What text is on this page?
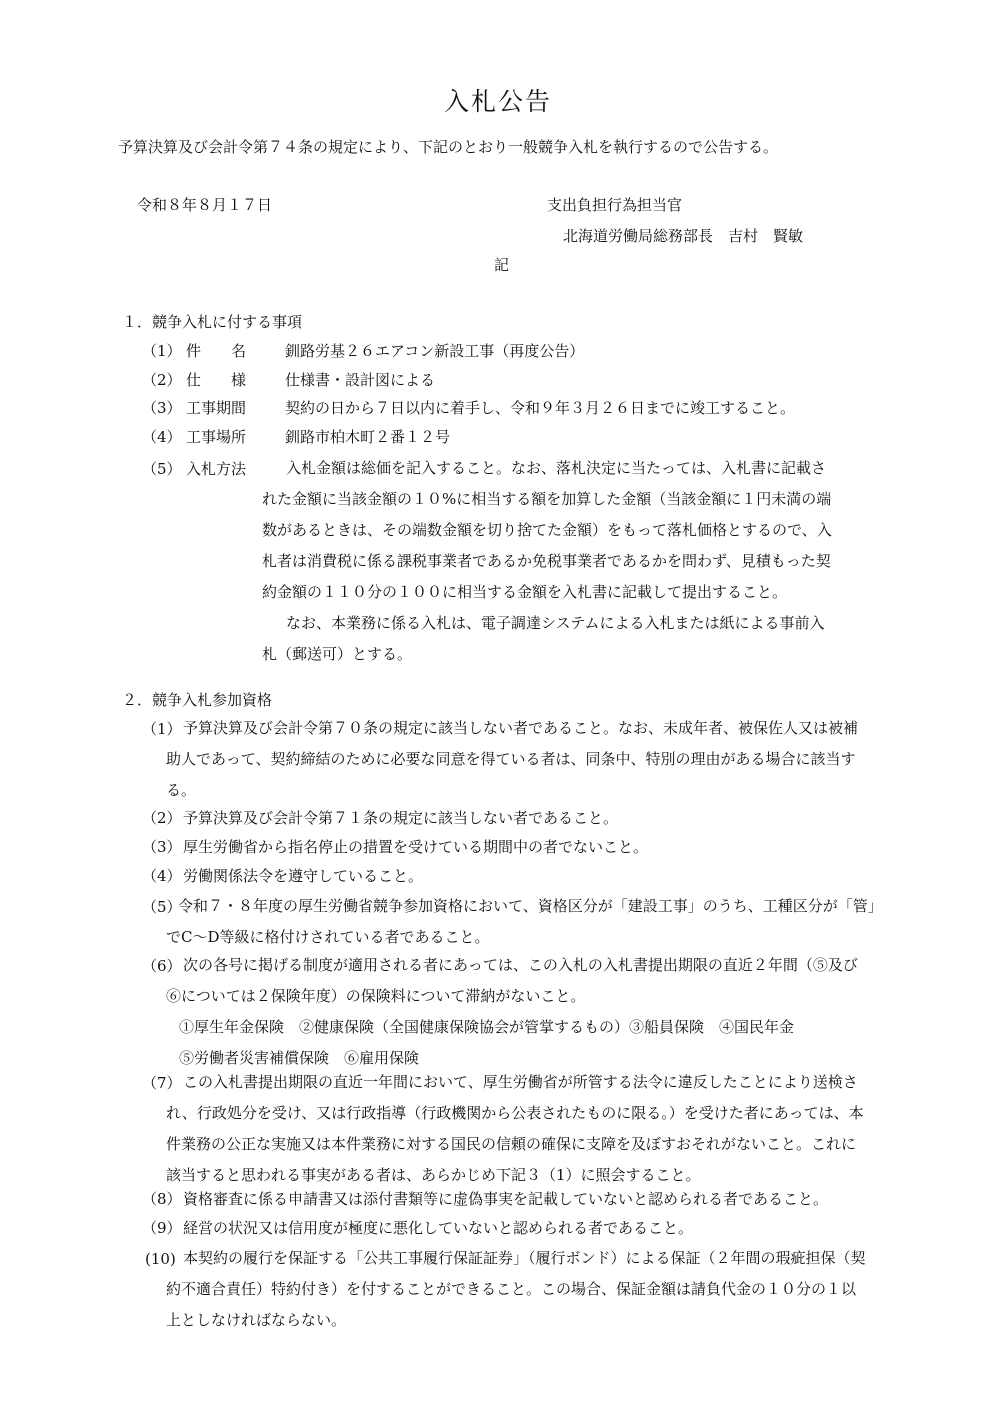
入札公告
予算決算及び会計令第７４条の規定により、下記のとおり一般競争入札を執行するので公告する。
令和８年８月１７日	支出負担行為担当官
北海道労働局総務部長　吉村　賢敏
記
１．競争入札に付する事項
（1） 件　　名	釧路労基２６エアコン新設工事（再度公告）
（2） 仕　　様	仕様書・設計図による
（3） 工事期間	契約の日から７日以内に着手し、令和９年３月２６日までに竣工すること。
（4） 工事場所	釧路市柏木町２番１２号
（5） 入札方法	入札金額は総価を記入すること。なお、落札決定に当たっては、入札書に記載さ
れた金額に当該金額の１０%に相当する額を加算した金額（当該金額に１円未満の端
数があるときは、その端数金額を切り捨てた金額）をもって落札価格とするので、入
札者は消費税に係る課税事業者であるか免税事業者であるかを問わず、見積もった契
約金額の１１０分の１００に相当する金額を入札書に記載して提出すること。
なお、本業務に係る入札は、電子調達システムによる入札または紙による事前入
札（郵送可）とする。
２．競争入札参加資格
（1） 予算決算及び会計令第７０条の規定に該当しない者であること。なお、未成年者、被保佐人又は被補
助人であって、契約締結のために必要な同意を得ている者は、同条中、特別の理由がある場合に該当す
る。
（2） 予算決算及び会計令第７１条の規定に該当しない者であること。
（3） 厚生労働省から指名停止の措置を受けている期間中の者でないこと。
（4） 労働関係法令を遵守していること。
（5）
令和７・８年度の厚生労働省競争参加資格において、資格区分が「建設工事」のうち、工種区分が「管」
でC～D等級に格付けされている者であること。
（6） 次の各号に掲げる制度が適用される者にあっては、この入札の入札書提出期限の直近２年間（⑤及び
⑥については２保険年度）の保険料について滞納がないこと。
①厚生年金保険　②健康保険（全国健康保険協会が管掌するもの）③船員保険　④国民年金
⑤労働者災害補償保険　⑥雇用保険
（7） この入札書提出期限の直近一年間において、厚生労働省が所管する法令に違反したことにより送検さ
れ、行政処分を受け、又は行政指導（行政機関から公表されたものに限る。）を受けた者にあっては、本
件業務の公正な実施又は本件業務に対する国民の信頼の確保に支障を及ぼすおそれがないこと。これに
該当すると思われる事実がある者は、あらかじめ下記３（1）に照会すること。
（8） 資格審査に係る申請書又は添付書類等に虚偽事実を記載していないと認められる者であること。
（9） 経営の状況又は信用度が極度に悪化していないと認められる者であること。
(10) 本契約の履行を保証する「公共工事履行保証証券」（履行ボンド）による保証（２年間の瑕疵担保（契
約不適合責任）特約付き）を付することができること。この場合、保証金額は請負代金の１０分の１以
上としなければならない。
